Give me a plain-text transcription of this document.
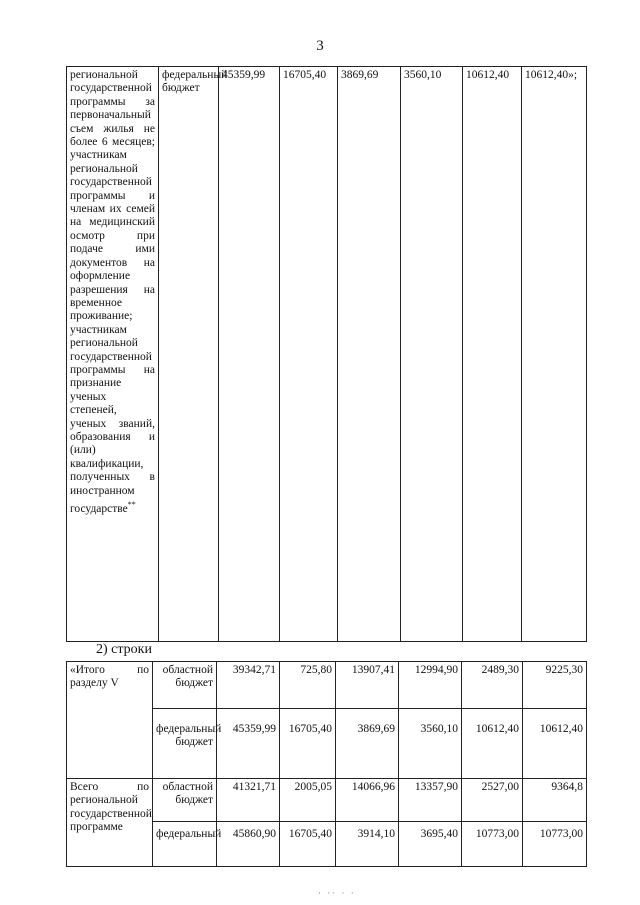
3
региональной государственной программы за первоначальный съем жилья не более 6 месяцев; участникам региональной государственной программы и членам их семей на медицинский осмотр при подаче ими документов на оформление разрешения на временное проживание; участникам региональной государственной программы на признание ученых степеней, ученых званий, образования и (или) квалификации, полученных в иностранном государстве**	федеральный бюджет	45359,99	16705,40	3869,69	3560,10	10612,40	10612,40»;
2) строки
«Итого по разделу V	областной бюджет	39342,71	725,80	13907,41	12994,90	2489,30	9225,30
	федеральный бюджет	45359,99	16705,40	3869,69	3560,10	10612,40	10612,40
Всего по региональной государственной программе	областной бюджет	41321,71	2005,05	14066,96	13357,90	2527,00	9364,8
	федеральный	45860,90	16705,40	3914,10	3695,40	10773,00	10773,00
· ·· · ·
